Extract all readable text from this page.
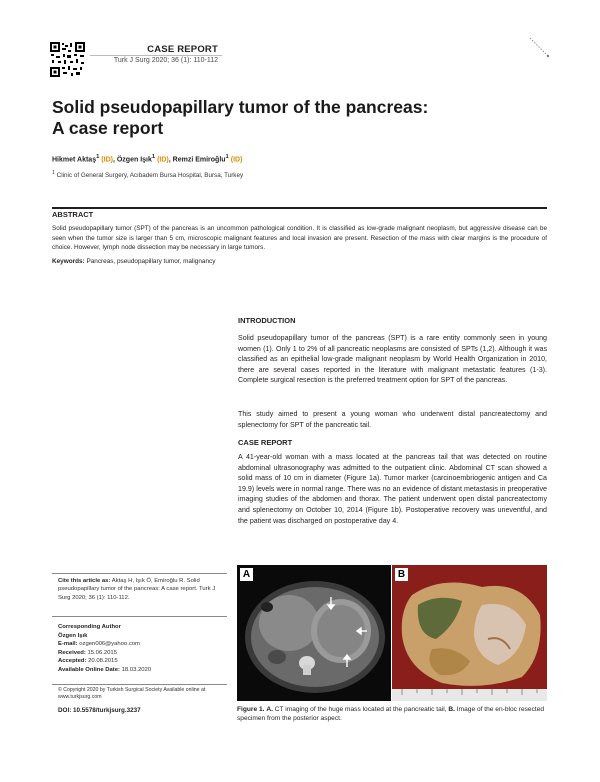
CASE REPORT
Turk J Surg 2020; 36 (1): 110-112
Solid pseudopapillary tumor of the pancreas:
A case report
Hikmet Aktaş$^1$ (ID), Özgen Işık$^1$ (ID), Remzi Emiroğlu$^1$ (ID)
$^1$ Clinic of General Surgery, Acıbadem Bursa Hospital, Bursa, Turkey
ABSTRACT
Solid pseudopapillary tumor (SPT) of the pancreas is an uncommon pathological condition. It is classified as low-grade malignant neoplasm, but aggressive disease can be seen when the tumor size is larger than 5 cm, microscopic malignant features and local invasion are present. Resection of the mass with clear margins is the procedure of choice. However, lymph node dissection may be necessary in large tumors.
Keywords: Pancreas, pseudopapillary tumor, malignancy
INTRODUCTION
Solid pseudopapillary tumor of the pancreas (SPT) is a rare entity commonly seen in young women (1). Only 1 to 2% of all pancreatic neoplasms are consisted of SPTs (1,2). Although it was classified as an epithelial low-grade malignant neoplasm by World Health Organization in 2010, there are several cases reported in the literature with malignant metastatic features (1-3). Complete surgical resection is the preferred treatment option for SPT of the pancreas.
This study aimed to present a young woman who underwent distal pancreatectomy and splenectomy for SPT of the pancreatic tail.
CASE REPORT
A 41-year-old woman with a mass located at the pancreas tail that was detected on routine abdominal ultrasonography was admitted to the outpatient clinic. Abdominal CT scan showed a solid mass of 10 cm in diameter (Figure 1a). Tumor marker (carcinoembriogenic antigen and Ca 19.9) levels were in normal range. There was no an evidence of distant metastasis in preoperative imaging studies of the abdomen and thorax. The patient underwent open distal pancreatectomy and splenectomy on October 10, 2014 (Figure 1b). Postoperative recovery was uneventful, and the patient was discharged on postoperative day 4.
Cite this article as: Aktaş H, Işık Ö, Emiroğlu R. Solid pseudopapillary tumor of the pancreas: A case report. Turk J Surg 2020; 36 (1): 110-112.
Corresponding Author
Özgen Işık
E-mail: ozgen006@yahoo.com
Received: 15.06.2015
Accepted: 20.08.2015
Available Online Date: 18.03.2020
© Copyright 2020 by Turkish Surgical Society Available online at www.turkjsurg.com
DOI: 10.5578/turkjsurg.3237
A	B
Figure 1. A. CT imaging of the huge mass located at the pancreatic tail, B. Image of the en-bloc resected specimen from the posterior aspect.
